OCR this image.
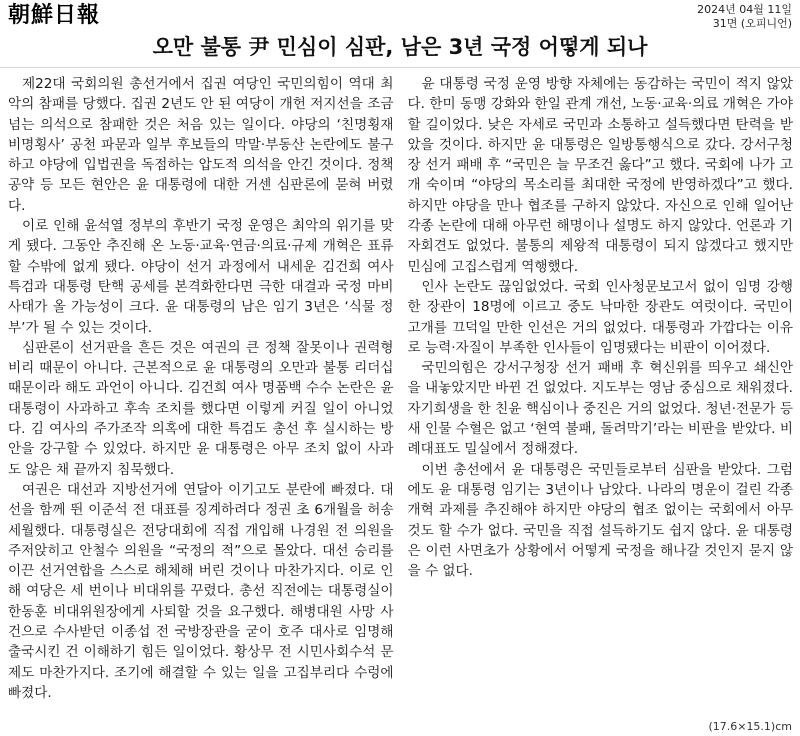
朝鮮日報	2024년 04월 11일
31면 (오피니언)
오만 불통 尹 민심이 심판, 남은 3년 국정 어떻게 되나

제22대 국회의원 총선거에서 집권 여당인 국민의힘이 역대 최악의 참패를 당했다. 집권 2년도 안 된 여당이 개헌 저지선을 조금 넘는 의석으로 참패한 것은 처음 있는 일이다. 야당의 ‘친명횡재 비명횡사’ 공천 파문과 일부 후보들의 막말·부동산 논란에도 불구하고 야당에 입법권을 독점하는 압도적 의석을 안긴 것이다. 정책 공약 등 모든 현안은 윤 대통령에 대한 거센 심판론에 묻혀 버렸다.

이로 인해 윤석열 정부의 후반기 국정 운영은 최악의 위기를 맞게 됐다. 그동안 추진해 온 노동·교육·연금·의료·규제 개혁은 표류할 수밖에 없게 됐다. 야당이 선거 과정에서 내세운 김건희 여사 특검과 대통령 탄핵 공세를 본격화한다면 극한 대결과 국정 마비 사태가 올 가능성이 크다. 윤 대통령의 남은 임기 3년은 ‘식물 정부’가 될 수 있는 것이다.

심판론이 선거판을 흔든 것은 여권의 큰 정책 잘못이나 권력형 비리 때문이 아니다. 근본적으로 윤 대통령의 오만과 불통 리더십 때문이라 해도 과언이 아니다. 김건희 여사 명품백 수수 논란은 윤 대통령이 사과하고 후속 조치를 했다면 이렇게 커질 일이 아니었다. 김 여사의 주가조작 의혹에 대한 특검도 총선 후 실시하는 방안을 강구할 수 있었다. 하지만 윤 대통령은 아무 조치 없이 사과도 않은 채 끝까지 침묵했다.

여권은 대선과 지방선거에 연달아 이기고도 분란에 빠졌다. 대선을 함께 뛴 이준석 전 대표를 징계하려다 정권 초 6개월을 허송세월했다. 대통령실은 전당대회에 직접 개입해 나경원 전 의원을 주저앉히고 안철수 의원을 “국정의 적”으로 몰았다. 대선 승리를 이끈 선거연합을 스스로 해체해 버린 것이나 마찬가지다. 이로 인해 여당은 세 번이나 비대위를 꾸렸다. 총선 직전에는 대통령실이 한동훈 비대위원장에게 사퇴할 것을 요구했다. 해병대원 사망 사건으로 수사받던 이종섭 전 국방장관을 굳이 호주 대사로 임명해 출국시킨 건 이해하기 힘든 일이었다. 황상무 전 시민사회수석 문제도 마찬가지다. 조기에 해결할 수 있는 일을 고집부리다 수렁에 빠졌다.

윤 대통령 국정 운영 방향 자체에는 동감하는 국민이 적지 않았다. 한미 동맹 강화와 한일 관계 개선, 노동·교육·의료 개혁은 가야 할 길이었다. 낮은 자세로 국민과 소통하고 설득했다면 탄력을 받았을 것이다. 하지만 윤 대통령은 일방통행식으로 갔다. 강서구청장 선거 패배 후 “국민은 늘 무조건 옳다”고 했다. 국회에 나가 고개 숙이며 “야당의 목소리를 최대한 국정에 반영하겠다”고 했다. 하지만 야당을 만나 협조를 구하지 않았다. 자신으로 인해 일어난 각종 논란에 대해 아무런 해명이나 설명도 하지 않았다. 언론과 기자회견도 없었다. 불통의 제왕적 대통령이 되지 않겠다고 했지만 민심에 고집스럽게 역행했다.

인사 논란도 끊임없었다. 국회 인사청문보고서 없이 임명 강행한 장관이 18명에 이르고 중도 낙마한 장관도 여럿이다. 국민이 고개를 끄덕일 만한 인선은 거의 없었다. 대통령과 가깝다는 이유로 능력·자질이 부족한 인사들이 임명됐다는 비판이 이어졌다.

국민의힘은 강서구청장 선거 패배 후 혁신위를 띄우고 쇄신안을 내놓았지만 바뀐 건 없었다. 지도부는 영남 중심으로 채워졌다. 자기희생을 한 친윤 핵심이나 중진은 거의 없었다. 청년·전문가 등 새 인물 수혈은 없고 ‘현역 불패, 돌려막기’라는 비판을 받았다. 비례대표도 밀실에서 정해졌다.

이번 총선에서 윤 대통령은 국민들로부터 심판을 받았다. 그럼에도 윤 대통령 임기는 3년이나 남았다. 나라의 명운이 걸린 각종 개혁 과제를 추진해야 하지만 야당의 협조 없이는 국회에서 아무것도 할 수가 없다. 국민을 직접 설득하기도 쉽지 않다. 윤 대통령은 이런 사면초가 상황에서 어떻게 국정을 해나갈 것인지 묻지 않을 수 없다.

(17.6×15.1)cm
